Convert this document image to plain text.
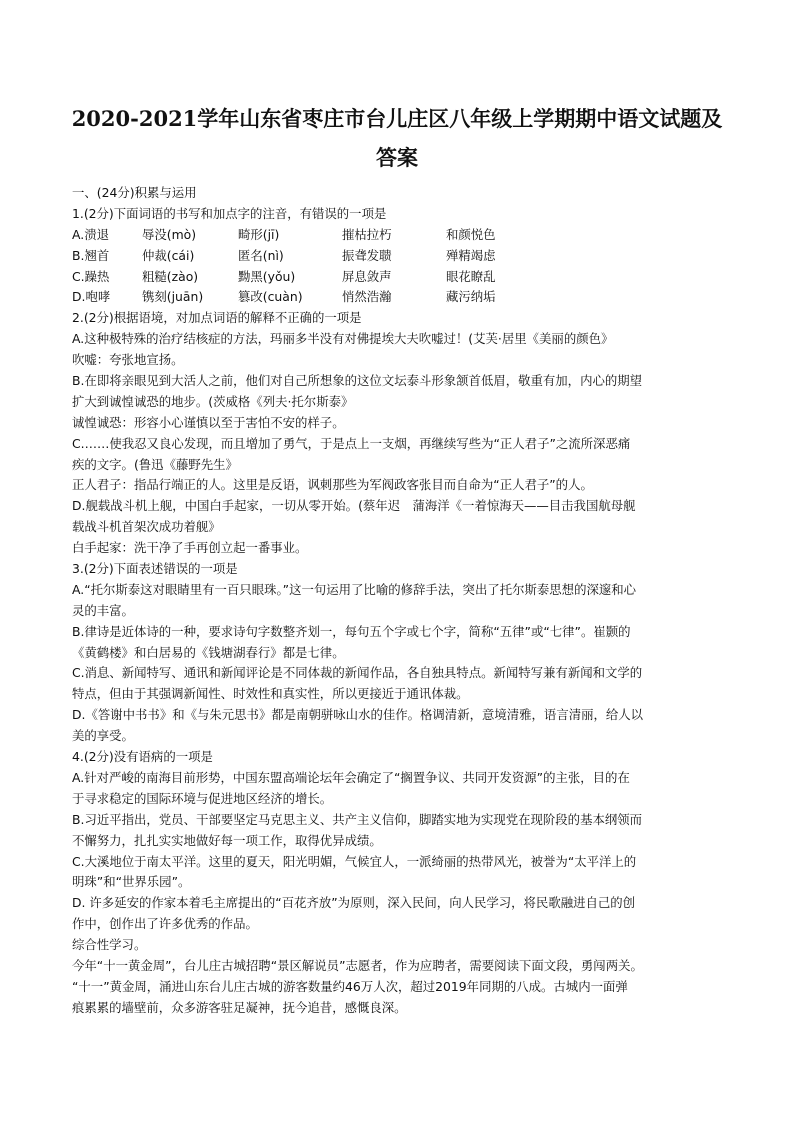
2020-2021学年山东省枣庄市台儿庄区八年级上学期期中语文试题及
答案
一、(24分)积累与运用
1.(2分)下面词语的书写和加点字的注音，有错误的一项是
A.溃退	辱没(mò)	畸形(jī)	摧枯拉朽	和颜悦色
B.翘首	仲裁(cái)	匿名(nì)	振聋发聩	殚精竭虑
C.躁热	粗糙(zào)	黝黑(yǒu)	屏息敛声	眼花瞭乱
D.咆哮	镌刻(juān)	篡改(cuàn)	悄然浩瀚	藏污纳垢
2.(2分)根据语境，对加点词语的解释不正确的一项是
A.这种极特殊的治疗结核症的方法，玛丽多半没有对佛提埃大夫吹嘘过！(艾芙·居里《美丽的颜色》
吹嘘：夸张地宣扬。
B.在即将亲眼见到大活人之前，他们对自己所想象的这位文坛泰斗形象颔首低眉，敬重有加，内心的期望
扩大到诚惶诚恐的地步。(茨威格《列夫·托尔斯泰》
诚惶诚恐：形容小心谨慎以至于害怕不安的样子。
C.……使我忍又良心发现，而且增加了勇气，于是点上一支烟，再继续写些为“正人君子”之流所深恶痛
疾的文字。(鲁迅《藤野先生》
正人君子：指品行端正的人。这里是反语，讽刺那些为军阀政客张目而自命为“正人君子”的人。
D.舰载战斗机上舰，中国白手起家，一切从零开始。(蔡年迟　蒲海洋《一着惊海天——目击我国航母舰
载战斗机首架次成功着舰》
白手起家：洗干净了手再创立起一番事业。
3.(2分)下面表述错误的一项是
A.“托尔斯泰这对眼睛里有一百只眼珠。”这一句运用了比喻的修辞手法，突出了托尔斯泰思想的深邃和心
灵的丰富。
B.律诗是近体诗的一种，要求诗句字数整齐划一，每句五个字或七个字，简称“五律”或“七律”。崔颢的
《黄鹤楼》和白居易的《钱塘湖春行》都是七律。
C.消息、新闻特写、通讯和新闻评论是不同体裁的新闻作品，各自独具特点。新闻特写兼有新闻和文学的
特点，但由于其强调新闻性、时效性和真实性，所以更接近于通讯体裁。
D.《答谢中书书》和《与朱元思书》都是南朝骈咏山水的佳作。格调清新，意境清雅，语言清丽，给人以
美的享受。
4.(2分)没有语病的一项是
A.针对严峻的南海目前形势，中国东盟高端论坛年会确定了“搁置争议、共同开发资源”的主张，目的在
于寻求稳定的国际环境与促进地区经济的增长。
B.习近平指出，党员、干部要坚定马克思主义、共产主义信仰，脚踏实地为实现党在现阶段的基本纲领而
不懈努力，扎扎实实地做好每一项工作，取得优异成绩。
C.大溪地位于南太平洋。这里的夏天，阳光明媚，气候宜人，一派绮丽的热带风光，被誉为“太平洋上的
明珠”和“世界乐园”。
D. 许多延安的作家本着毛主席提出的“百花齐放”为原则，深入民间，向人民学习，将民歌融进自己的创
作中，创作出了许多优秀的作品。
综合性学习。
今年“十一黄金周”，台儿庄古城招聘“景区解说员”志愿者，作为应聘者，需要阅读下面文段，勇闯两关。
“十一”黄金周，涌进山东台儿庄古城的游客数量约46万人次，超过2019年同期的八成。古城内一面弹
痕累累的墙壁前，众多游客驻足凝神，抚今追昔，感慨良深。
